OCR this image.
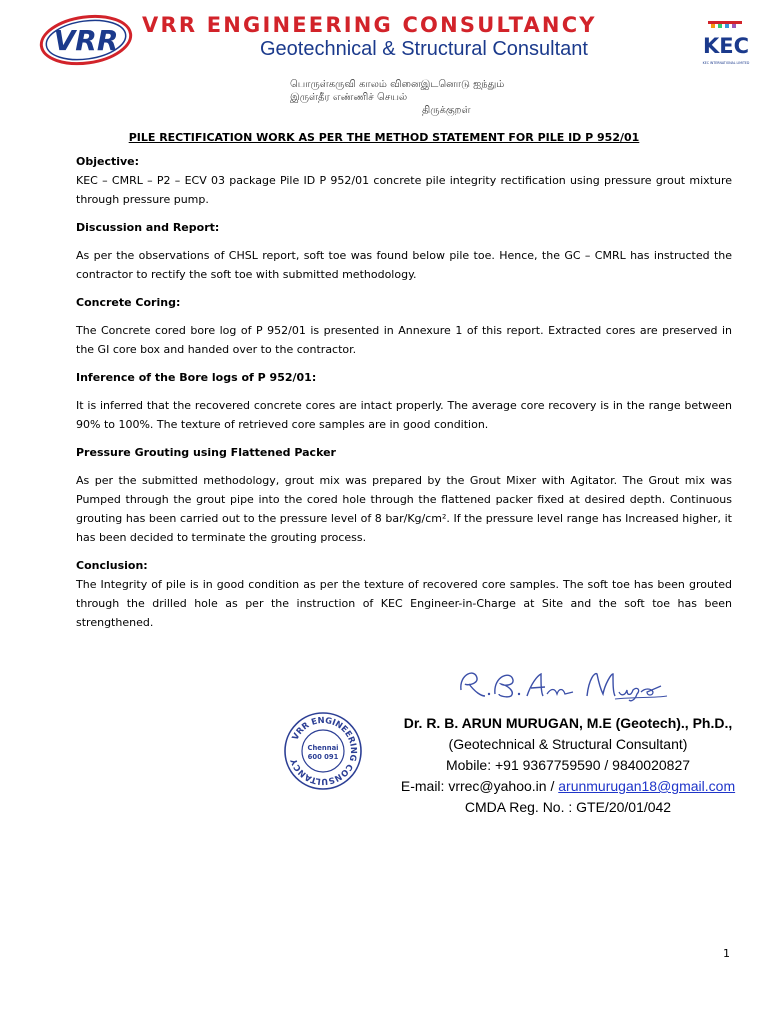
VRR VRR ENGINEERING CONSULTANCY
Geotechnical & Structural Consultant	KEC
KEC INTERNATIONAL LIMITED
பொருள்கருவி காலம் வினைஇடனொடு ஐந்தும்
இருள்தீர எண்ணிச் செயல்
திருக்குறள்
PILE RECTIFICATION WORK AS PER THE METHOD STATEMENT FOR PILE ID P 952/01

Objective:

KEC – CMRL – P2 – ECV 03 package Pile ID P 952/01 concrete pile integrity rectification using pressure grout mixture through pressure pump.

Discussion and Report:

As per the observations of CHSL report, soft toe was found below pile toe. Hence, the GC – CMRL has instructed the contractor to rectify the soft toe with submitted methodology.

Concrete Coring:

The Concrete cored bore log of P 952/01 is presented in Annexure 1 of this report. Extracted cores are preserved in the GI core box and handed over to the contractor.

Inference of the Bore logs of P 952/01:

It is inferred that the recovered concrete cores are intact properly. The average core recovery is in the range between 90% to 100%. The texture of retrieved core samples are in good condition.

Pressure Grouting using Flattened Packer

As per the submitted methodology, grout mix was prepared by the Grout Mixer with Agitator. The Grout mix was Pumped through the grout pipe into the cored hole through the flattened packer fixed at desired depth. Continuous grouting has been carried out to the pressure level of 8 bar/Kg/cm². If the pressure level range has Increased higher, it has been decided to terminate the grouting process.

Conclusion:

The Integrity of pile is in good condition as per the texture of recovered core samples. The soft toe has been grouted through the drilled hole as per the instruction of KEC Engineer-in-Charge at Site and the soft toe has been strengthened.

VRR ENGINEERING CONSULTANCY
Chennai
600 091
Dr. R. B. ARUN MURUGAN, M.E (Geotech)., Ph.D.,
(Geotechnical & Structural Consultant)
Mobile: +91 9367759590 / 9840020827
E-mail: vrrec@yahoo.in / arunmurugan18@gmail.com
CMDA Reg. No. : GTE/20/01/042
1
